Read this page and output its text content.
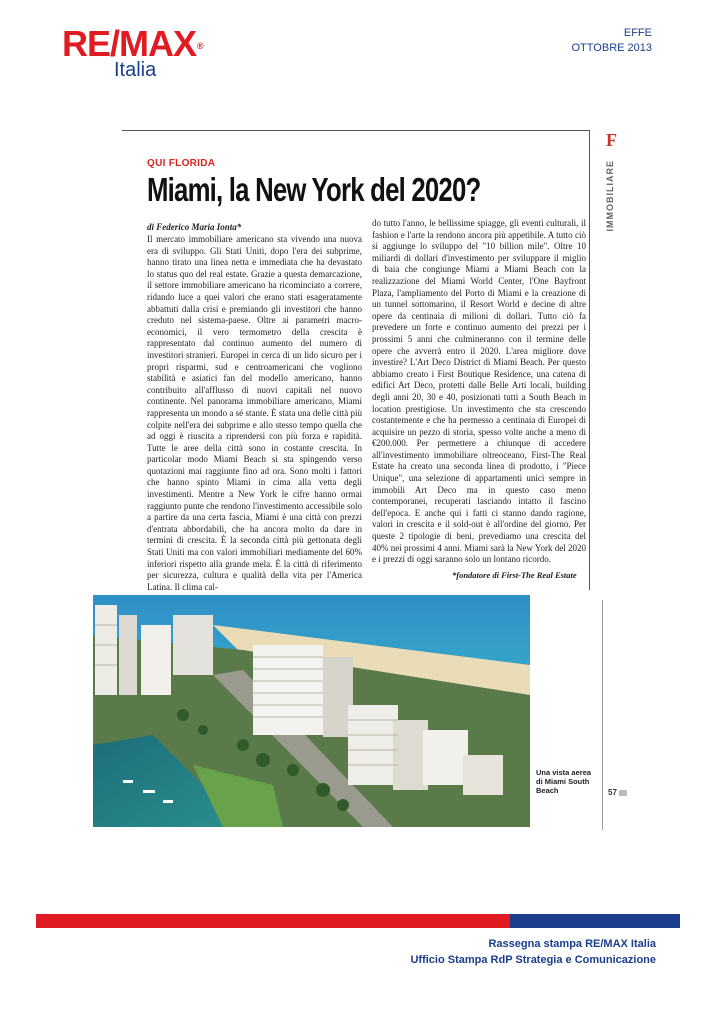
RE/MAX®
Italia
EFFE
OTTOBRE 2013
QUI FLORIDA
Miami, la New York del 2020?
F
IMMOBILIARE
di Federico Maria Ionta*
Il mercato immobiliare americano sta vivendo una nuova era di sviluppo. Gli Stati Uniti, dopo l'era dei subprime, hanno tirato una linea netta e immediata che ha devastato lo status quo del real estate. Grazie a questa demarcazione, il settore immobiliare americano ha ricominciato a correre, ridando luce a quei valori che erano stati esageratamente abbattuti dalla crisi e premiando gli investitori che hanno creduto nel sistema-paese. Oltre ai parametri macro-economici, il vero termometro della crescita è rappresentato dal continuo aumento del numero di investitori stranieri. Europei in cerca di un lido sicuro per i propri risparmi, sud e centroamericani che vogliono stabilità e asiatici fan del modello americano, hanno contribuito all'afflusso di nuovi capitali nel nuovo continente. Nel panorama immobiliare americano, Miami rappresenta un mondo a sé stante. È stata una delle città più colpite nell'era dei subprime e allo stesso tempo quella che ad oggi è riuscita a riprendersi con più forza e rapidità. Tutte le aree della città sono in costante crescita. In particolar modo Miami Beach si sta spingendo verso quotazioni mai raggiunte fino ad ora. Sono molti i fattori che hanno spinto Miami in cima alla vetta degli investimenti. Mentre a New York le cifre hanno ormai raggiunto punte che rendono l'investimento accessibile solo a partire da una certa fascia, Miami è una città con prezzi d'entrata abbordabili, che ha ancora molto da dare in termini di crescita. È la seconda città più gettonata degli Stati Uniti ma con valori immobiliari mediamente del 60% inferiori rispetto alla grande mela. È la città di riferimento per sicurezza, cultura e qualità della vita per l'America Latina. Il clima cal-
do tutto l'anno, le bellissime spiagge, gli eventi culturali, il fashion e l'arte la rendono ancora più appetibile. A tutto ciò si aggiunge lo sviluppo del "10 billion mile". Oltre 10 miliardi di dollari d'investimento per sviluppare il miglio di baia che congiunge Miami a Miami Beach con la realizzazione del Miami World Center, l'One Bayfront Plaza, l'ampliamento del Porto di Miami e la creazione di un tunnel sottomarino, il Resort World e decine di altre opere da centinaia di milioni di dollari. Tutto ciò fa prevedere un forte e continuo aumento dei prezzi per i prossimi 5 anni che culmineranno con il termine delle opere che avverrà entro il 2020. L'area migliore dove investire? L'Art Deco District di Miami Beach. Per questo abbiamo creato i First Boutique Residence, una catena di edifici Art Deco, protetti dalle Belle Arti locali, building degli anni 20, 30 e 40, posizionati tutti a South Beach in location prestigiose. Un investimento che sta crescendo costantemente e che ha permesso a centinaia di Europei di acquisire un pezzo di storia, spesso volte anche a meno di €200.000. Per permettere a chiunque di accedere all'investimento immobiliare oltreoceano, First-The Real Estate ha creato una seconda linea di prodotto, i "Piece Unique", una selezione di appartamenti unici sempre in immobili Art Deco ma in questo caso meno contemporanei, recuperati lasciando intatto il fascino dell'epoca. E anche qui i fatti ci stanno dando ragione, valori in crescita e il sold-out è all'ordine del giorno. Per queste 2 tipologie di beni, prevediamo una crescita del 40% nei prossimi 4 anni. Miami sarà la New York del 2020 e i prezzi di oggi saranno solo un lontano ricordo.
*fondatore di First-The Real Estate
Una vista aerea di Miami South Beach	57
Rassegna stampa RE/MAX Italia
Ufficio Stampa RdP Strategia e Comunicazione
